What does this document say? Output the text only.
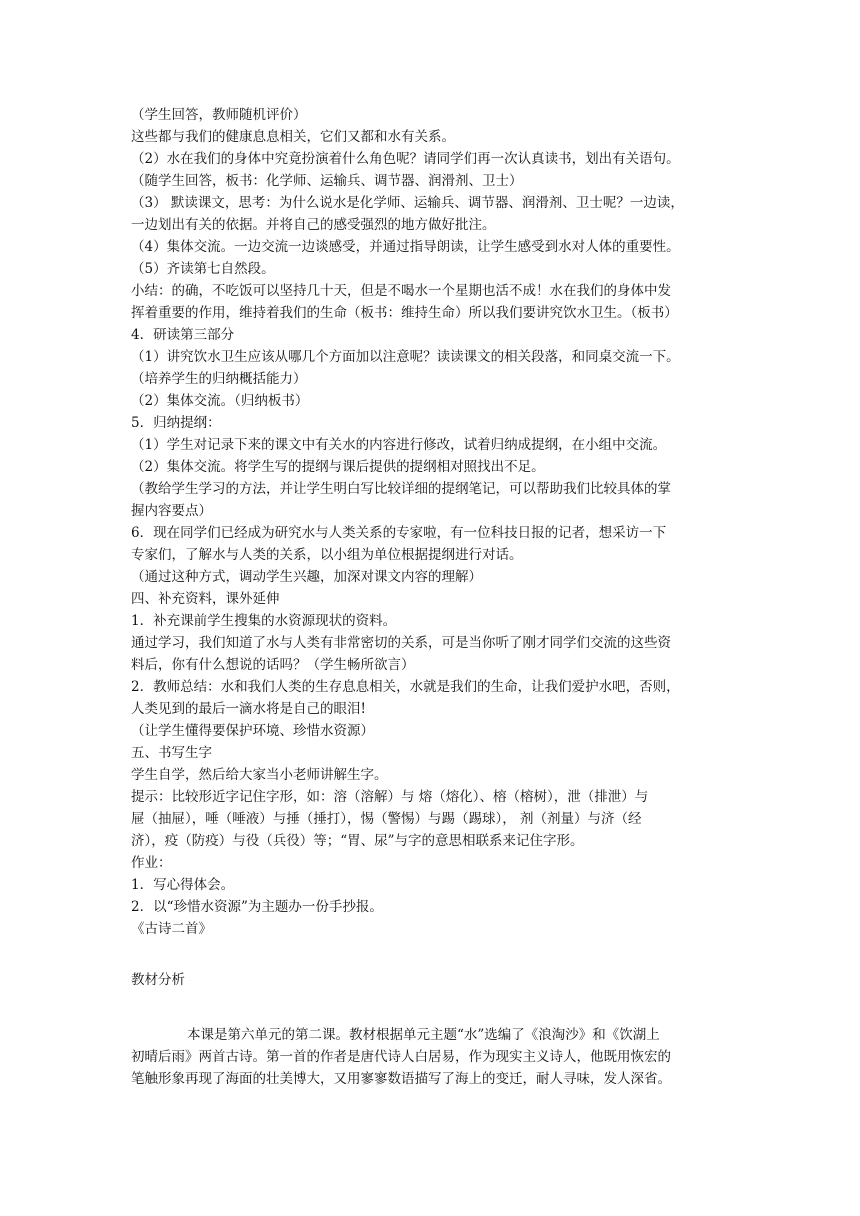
（学生回答，教师随机评价）
这些都与我们的健康息息相关，它们又都和水有关系。
（2）水在我们的身体中究竟扮演着什么角色呢？请同学们再一次认真读书，划出有关语句。
（随学生回答，板书：化学师、运输兵、调节器、润滑剂、卫士）
（3） 默读课文，思考：为什么说水是化学师、运输兵、调节器、润滑剂、卫士呢？一边读，
一边划出有关的依据。并将自己的感受强烈的地方做好批注。
（4）集体交流。一边交流一边谈感受，并通过指导朗读，让学生感受到水对人体的重要性。
（5）齐读第七自然段。
小结：的确，不吃饭可以坚持几十天，但是不喝水一个星期也活不成！水在我们的身体中发
挥着重要的作用，维持着我们的生命（板书：维持生命）所以我们要讲究饮水卫生。（板书）
4．研读第三部分
（1）讲究饮水卫生应该从哪几个方面加以注意呢？读读课文的相关段落，和同桌交流一下。
（培养学生的归纳概括能力）
（2）集体交流。（归纳板书）
5．归纳提纲：
（1）学生对记录下来的课文中有关水的内容进行修改，试着归纳成提纲，在小组中交流。
（2）集体交流。将学生写的提纲与课后提供的提纲相对照找出不足。
（教给学生学习的方法，并让学生明白写比较详细的提纲笔记，可以帮助我们比较具体的掌
握内容要点）
6．现在同学们已经成为研究水与人类关系的专家啦，有一位科技日报的记者，想采访一下
专家们，了解水与人类的关系，以小组为单位根据提纲进行对话。
（通过这种方式，调动学生兴趣，加深对课文内容的理解）
四、补充资料，课外延伸
1．补充课前学生搜集的水资源现状的资料。
通过学习，我们知道了水与人类有非常密切的关系，可是当你听了刚才同学们交流的这些资
料后，你有什么想说的话吗？（学生畅所欲言）
2．教师总结：水和我们人类的生存息息相关，水就是我们的生命，让我们爱护水吧，否则，
人类见到的最后一滴水将是自己的眼泪!
（让学生懂得要保护环境、珍惜水资源）
五、书写生字
学生自学，然后给大家当小老师讲解生字。
提示：比较形近字记住字形，如：溶（溶解）与 熔（熔化）、榕（榕树），泄（排泄）与
屉（抽屉），唾（唾液）与捶（捶打），惕（警惕）与踢（踢球）， 剂（剂量）与济（经
济），疫（防疫）与役（兵役）等；“胃、尿”与字的意思相联系来记住字形。
作业：
1．写心得体会。
2．以“珍惜水资源”为主题办一份手抄报。
《古诗二首》
教材分析
本课是第六单元的第二课。教材根据单元主题“水”选编了《浪淘沙》和《饮湖上
初晴后雨》两首古诗。第一首的作者是唐代诗人白居易，作为现实主义诗人，他既用恢宏的
笔触形象再现了海面的壮美博大，又用寥寥数语描写了海上的变迁，耐人寻味，发人深省。
